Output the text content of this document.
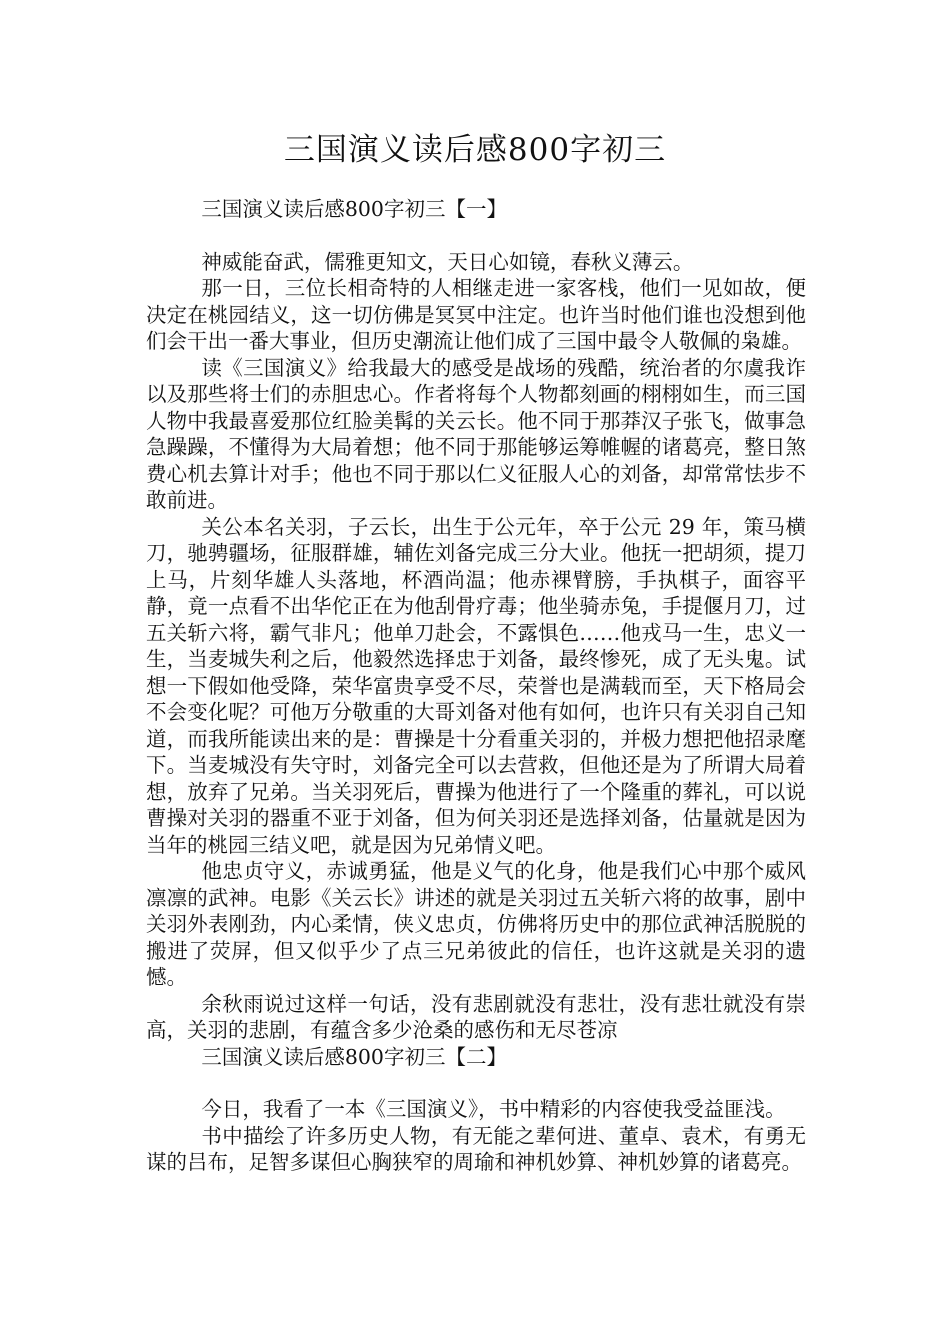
三国演义读后感800字初三

三国演义读后感800字初三【一】

神威能奋武，儒雅更知文，天日心如镜，春秋义薄云。

那一日，三位长相奇特的人相继走进一家客栈，他们一见如故，便决定在桃园结义，这一切仿佛是冥冥中注定。也许当时他们谁也没想到他们会干出一番大事业，但历史潮流让他们成了三国中最令人敬佩的枭雄。

读《三国演义》给我最大的感受是战场的残酷，统治者的尔虞我诈以及那些将士们的赤胆忠心。作者将每个人物都刻画的栩栩如生，而三国人物中我最喜爱那位红脸美髯的关云长。他不同于那莽汉子张飞，做事急急躁躁，不懂得为大局着想；他不同于那能够运筹帷幄的诸葛亮，整日煞费心机去算计对手；他也不同于那以仁义征服人心的刘备，却常常怯步不敢前进。

关公本名关羽，子云长，出生于公元年，卒于公元 29 年，策马横刀，驰骋疆场，征服群雄，辅佐刘备完成三分大业。他抚一把胡须，提刀上马，片刻华雄人头落地，杯酒尚温；他赤裸臂膀，手执棋子，面容平静，竟一点看不出华佗正在为他刮骨疗毒；他坐骑赤兔，手提偃月刀，过五关斩六将，霸气非凡；他单刀赴会，不露惧色……他戎马一生，忠义一生，当麦城失利之后，他毅然选择忠于刘备，最终惨死，成了无头鬼。试想一下假如他受降，荣华富贵享受不尽，荣誉也是满载而至，天下格局会不会变化呢？可他万分敬重的大哥刘备对他有如何，也许只有关羽自己知道，而我所能读出来的是：曹操是十分看重关羽的，并极力想把他招录麾下。当麦城没有失守时，刘备完全可以去营救，但他还是为了所谓大局着想，放弃了兄弟。当关羽死后，曹操为他进行了一个隆重的葬礼，可以说曹操对关羽的器重不亚于刘备，但为何关羽还是选择刘备，估量就是因为当年的桃园三结义吧，就是因为兄弟情义吧。

他忠贞守义，赤诚勇猛，他是义气的化身，他是我们心中那个威风凛凛的武神。电影《关云长》讲述的就是关羽过五关斩六将的故事，剧中关羽外表刚劲，内心柔情，侠义忠贞，仿佛将历史中的那位武神活脱脱的搬进了荧屏，但又似乎少了点三兄弟彼此的信任，也许这就是关羽的遗憾。

余秋雨说过这样一句话，没有悲剧就没有悲壮，没有悲壮就没有崇高，关羽的悲剧，有蕴含多少沧桑的感伤和无尽苍凉

三国演义读后感800字初三【二】

今日，我看了一本《三国演义》，书中精彩的内容使我受益匪浅。

书中描绘了许多历史人物，有无能之辈何进、董卓、袁术，有勇无谋的吕布，足智多谋但心胸狭窄的周瑜和神机妙算、神机妙算的诸葛亮。
